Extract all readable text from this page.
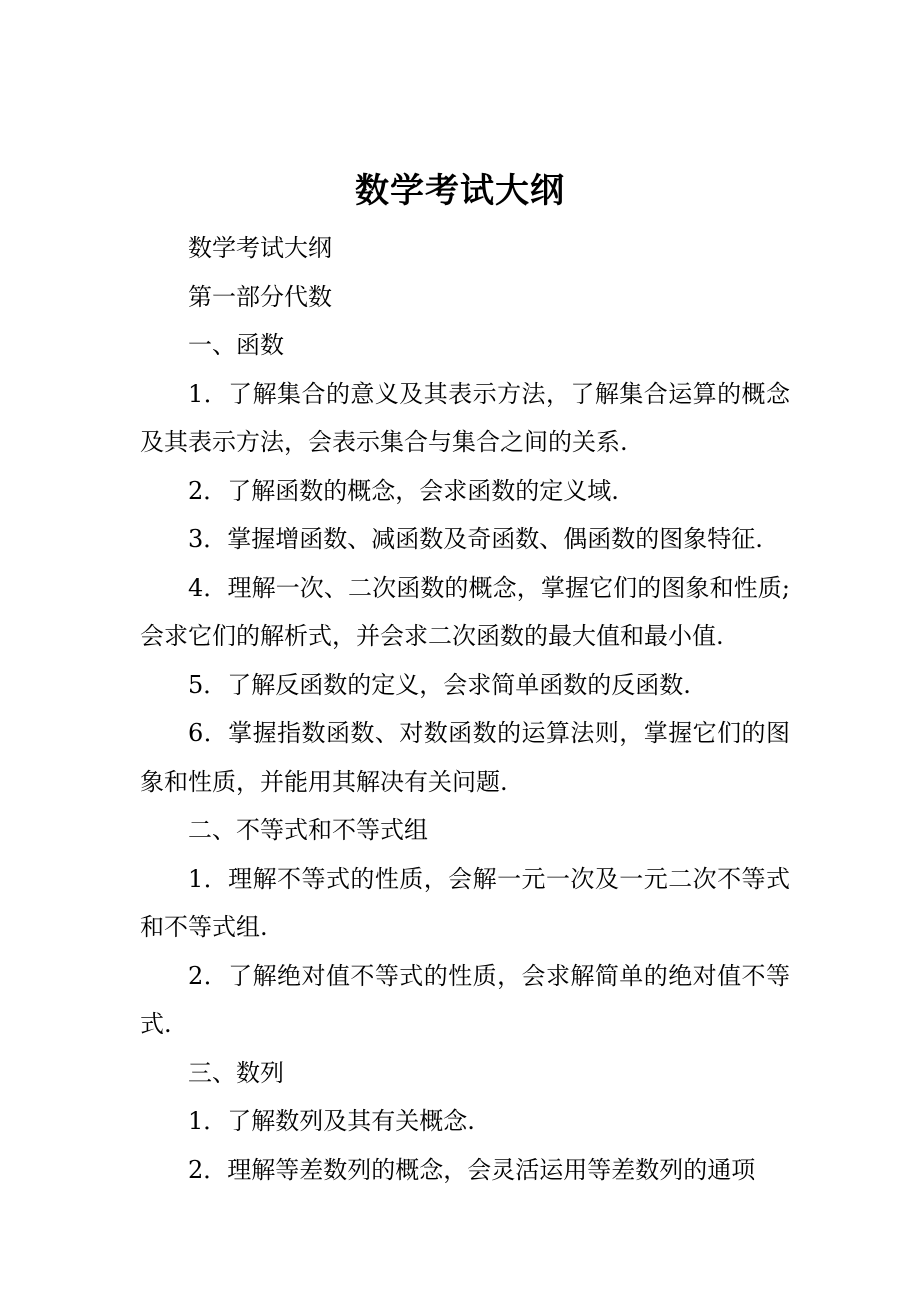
数学考试大纲

数学考试大纲

第一部分代数

一、函数

1．了解集合的意义及其表示方法，了解集合运算的概念及其表示方法，会表示集合与集合之间的关系.

2．了解函数的概念，会求函数的定义域.

3．掌握增函数、减函数及奇函数、偶函数的图象特征.

4．理解一次、二次函数的概念，掌握它们的图象和性质; 会求它们的解析式，并会求二次函数的最大值和最小值.

5．了解反函数的定义，会求简单函数的反函数.

6．掌握指数函数、对数函数的运算法则，掌握它们的图象和性质，并能用其解决有关问题.

二、不等式和不等式组

1．理解不等式的性质，会解一元一次及一元二次不等式和不等式组.

2．了解绝对值不等式的性质，会求解简单的绝对值不等式.

三、数列

1．了解数列及其有关概念.

2．理解等差数列的概念，会灵活运用等差数列的通项
